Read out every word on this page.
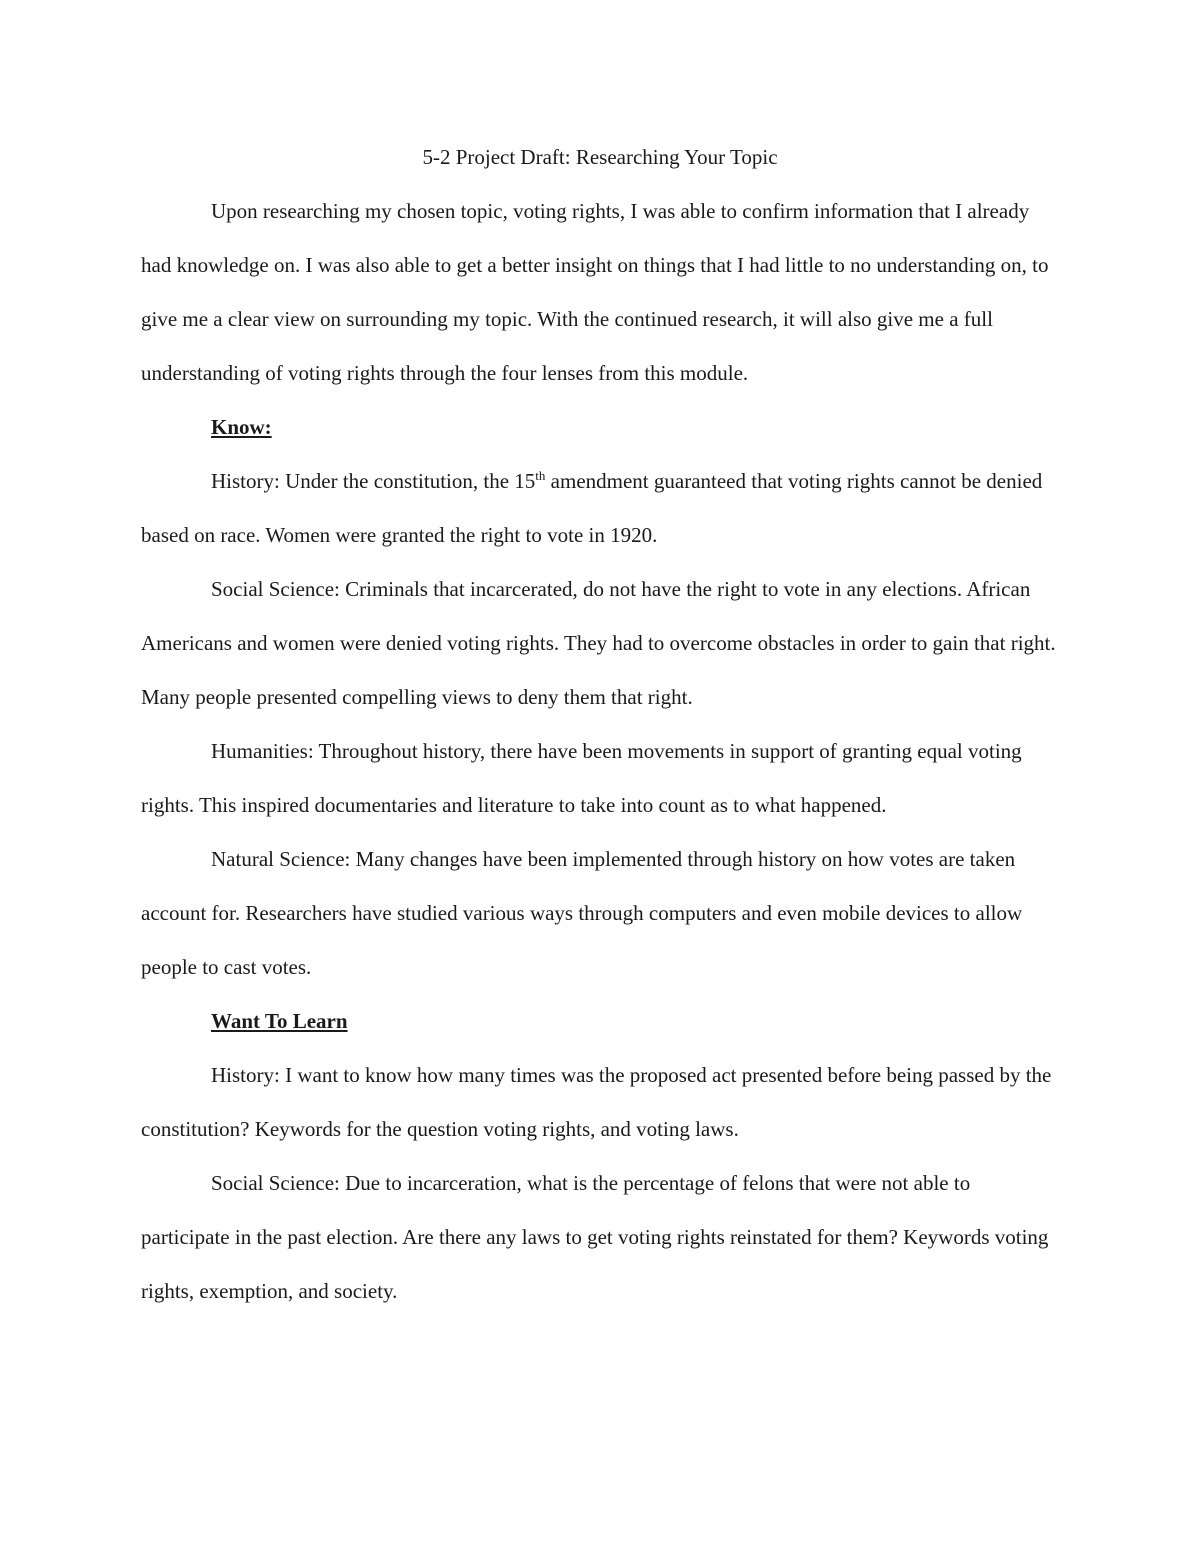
5-2 Project Draft: Researching Your Topic

Upon researching my chosen topic, voting rights, I was able to confirm information that I already had knowledge on. I was also able to get a better insight on things that I had little to no understanding on, to give me a clear view on surrounding my topic. With the continued research, it will also give me a full understanding of voting rights through the four lenses from this module.

Know:

History: Under the constitution, the 15th amendment guaranteed that voting rights cannot be denied based on race. Women were granted the right to vote in 1920.

Social Science: Criminals that incarcerated, do not have the right to vote in any elections. African Americans and women were denied voting rights. They had to overcome obstacles in order to gain that right. Many people presented compelling views to deny them that right.

Humanities: Throughout history, there have been movements in support of granting equal voting rights. This inspired documentaries and literature to take into count as to what happened.

Natural Science: Many changes have been implemented through history on how votes are taken account for. Researchers have studied various ways through computers and even mobile devices to allow people to cast votes.

Want To Learn

History: I want to know how many times was the proposed act presented before being passed by the constitution? Keywords for the question voting rights, and voting laws.

Social Science: Due to incarceration, what is the percentage of felons that were not able to participate in the past election. Are there any laws to get voting rights reinstated for them? Keywords voting rights, exemption, and society.
